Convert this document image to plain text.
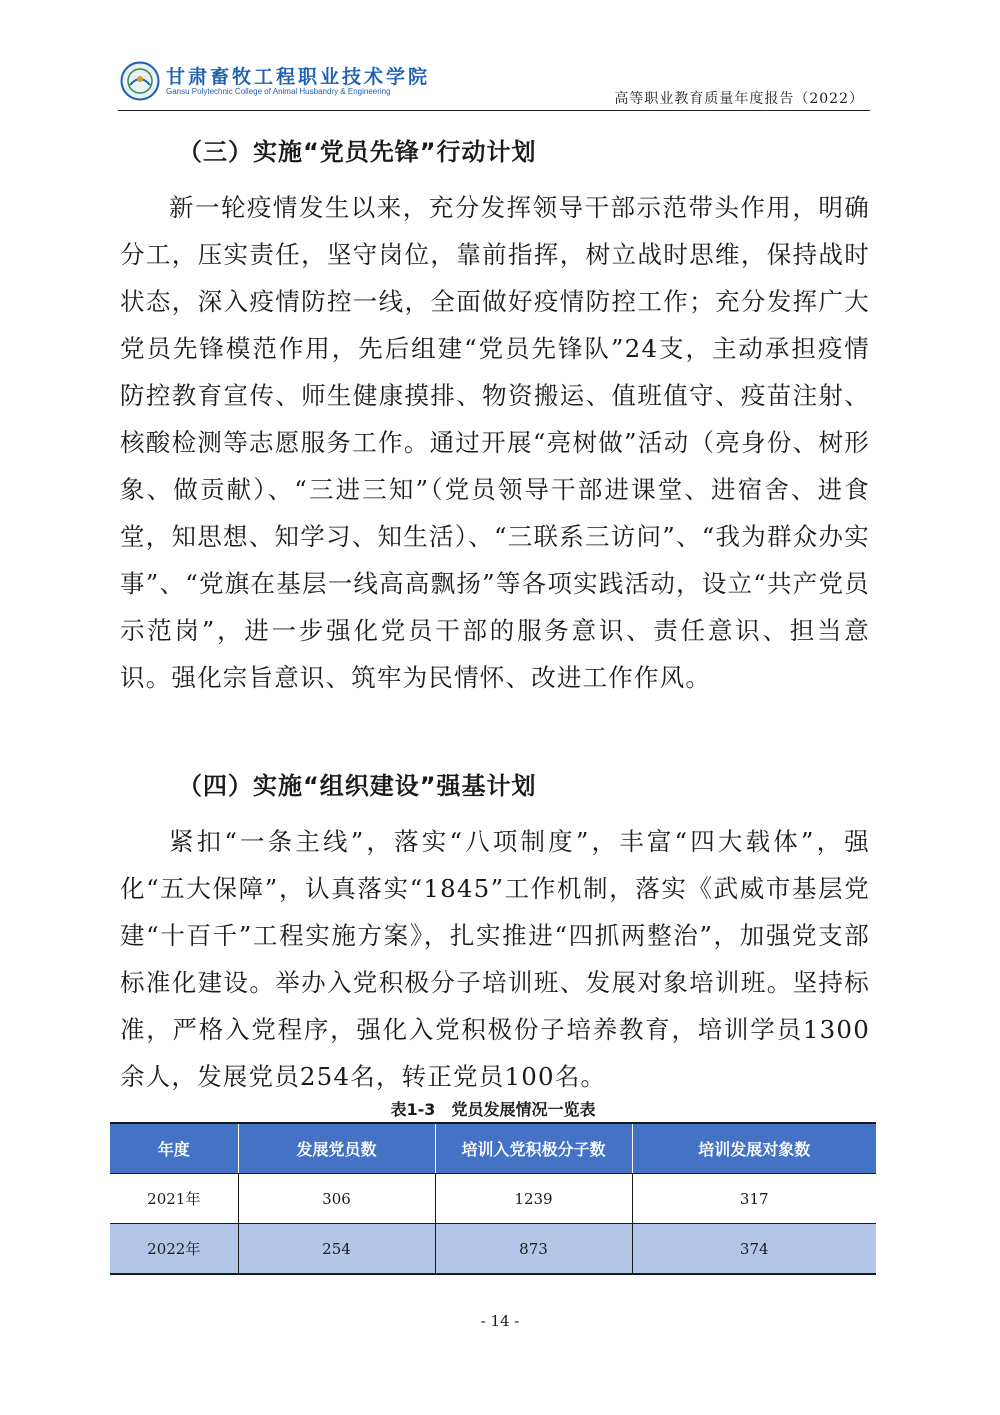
甘肃畜牧工程职业技术学院
Gansu Polytechnic College of Animal Husbandry & Engineering	高等职业教育质量年度报告（2022）
（三）实施“党员先锋”行动计划

新一轮疫情发生以来，充分发挥领导干部示范带头作用，明确分工，压实责任，坚守岗位，靠前指挥，树立战时思维，保持战时状态，深入疫情防控一线，全面做好疫情防控工作；充分发挥广大党员先锋模范作用，先后组建“党员先锋队”24支，主动承担疫情防控教育宣传、师生健康摸排、物资搬运、值班值守、疫苗注射、核酸检测等志愿服务工作。通过开展“亮树做”活动（亮身份、树形象、做贡献）、“三进三知”（党员领导干部进课堂、进宿舍、进食堂，知思想、知学习、知生活）、“三联系三访问”、“我为群众办实事”、“党旗在基层一线高高飘扬”等各项实践活动，设立“共产党员示范岗”，进一步强化党员干部的服务意识、责任意识、担当意识。强化宗旨意识、筑牢为民情怀、改进工作作风。

（四）实施“组织建设”强基计划

紧扣“一条主线”，落实“八项制度”，丰富“四大载体”，强化“五大保障”，认真落实“1845”工作机制，落实《武威市基层党建“十百千”工程实施方案》，扎实推进“四抓两整治”，加强党支部标准化建设。举办入党积极分子培训班、发展对象培训班。坚持标准，严格入党程序，强化入党积极份子培养教育，培训学员1300余人，发展党员254名，转正党员100名。

表1-3　党员发展情况一览表
年度	发展党员数	培训入党积极分子数	培训发展对象数
2021年	306	1239	317
2022年	254	873	374
- 14 -
